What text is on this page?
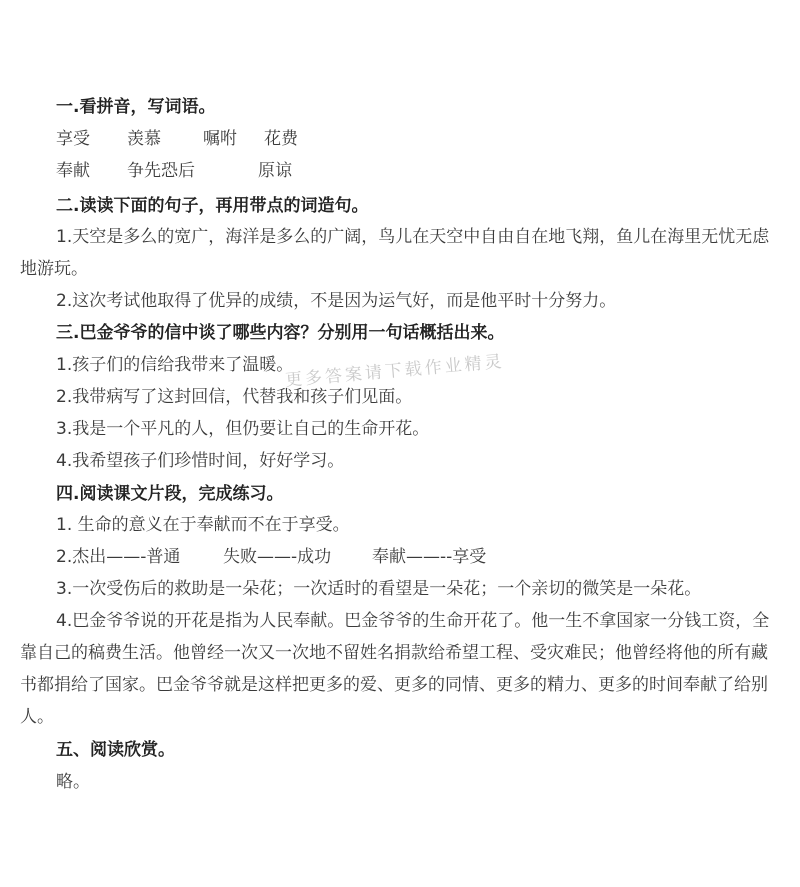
一.看拼音，写词语。
享受 羡慕 嘱咐 花费
奉献 争先恐后	原谅
二.读读下面的句子，再用带点的词造句。
1.天空是多么的宽广，海洋是多么的广阔，鸟儿在天空中自由自在地飞翔，鱼儿在海里无忧无虑地游玩。
2.这次考试他取得了优异的成绩，不是因为运气好，而是他平时十分努力。
三.巴金爷爷的信中谈了哪些内容？分别用一句话概括出来。
1.孩子们的信给我带来了温暖。
2.我带病写了这封回信，代替我和孩子们见面。
3.我是一个平凡的人，但仍要让自己的生命开花。
4.我希望孩子们珍惜时间，好好学习。
四.阅读课文片段，完成练习。
1. 生命的意义在于奉献而不在于享受。
2.杰出——-普通	失败——-成功 奉献——--享受
3.一次受伤后的救助是一朵花；一次适时的看望是一朵花；一个亲切的微笑是一朵花。
4.巴金爷爷说的开花是指为人民奉献。巴金爷爷的生命开花了。他一生不拿国家一分钱工资，全靠自己的稿费生活。他曾经一次又一次地不留姓名捐款给希望工程、受灾难民；他曾经将他的所有藏书都捐给了国家。巴金爷爷就是这样把更多的爱、更多的同情、更多的精力、更多的时间奉献了给别人。
五、阅读欣赏。
略。
更多答案请下载作业精灵
